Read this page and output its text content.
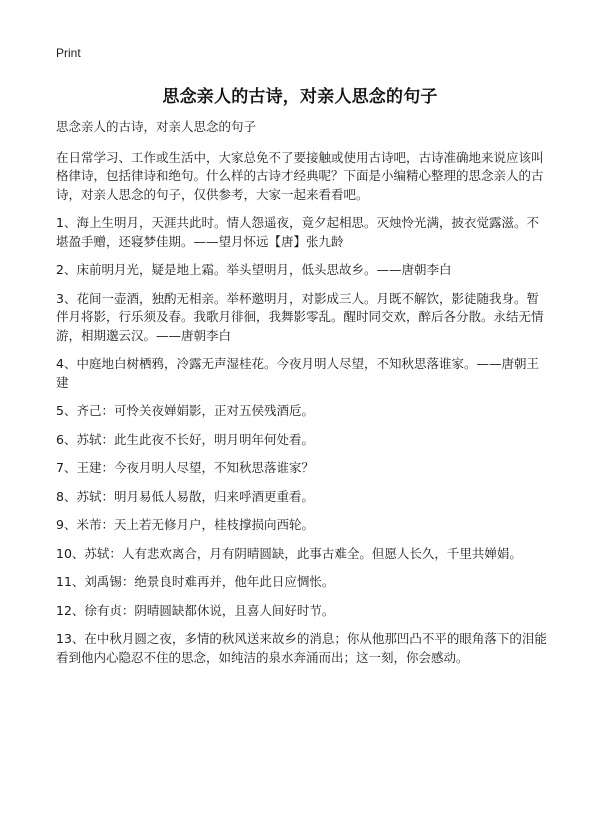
Print

思念亲人的古诗，对亲人思念的句子

思念亲人的古诗，对亲人思念的句子

在日常学习、工作或生活中，大家总免不了要接触或使用古诗吧，古诗准确地来说应该叫格律诗，包括律诗和绝句。什么样的古诗才经典呢？下面是小编精心整理的思念亲人的古诗，对亲人思念的句子，仅供参考，大家一起来看看吧。

1、海上生明月，天涯共此时。情人怨遥夜，竟夕起相思。灭烛怜光满，披衣觉露滋。不堪盈手赠，还寝梦佳期。——望月怀远【唐】张九龄

2、床前明月光，疑是地上霜。举头望明月，低头思故乡。——唐朝李白

3、花间一壶酒，独酌无相亲。举杯邀明月，对影成三人。月既不解饮，影徒随我身。暂伴月将影，行乐须及春。我歌月徘徊，我舞影零乱。醒时同交欢，醉后各分散。永结无情游，相期邈云汉。——唐朝李白

4、中庭地白树栖鸦，冷露无声湿桂花。今夜月明人尽望，不知秋思落谁家。——唐朝王建

5、齐己：可怜关夜婵娟影，正对五侯残酒卮。

6、苏轼：此生此夜不长好，明月明年何处看。

7、王建：今夜月明人尽望，不知秋思落谁家？

8、苏轼：明月易低人易散，归来呼酒更重看。

9、米芾：天上若无修月户，桂枝撑损向西轮。

10、苏轼：人有悲欢离合，月有阴晴圆缺，此事古难全。但愿人长久，千里共婵娟。

11、刘禹锡：绝景良时难再并，他年此日应惆怅。

12、徐有贞：阴晴圆缺都休说，且喜人间好时节。

13、在中秋月圆之夜，多情的秋风送来故乡的消息；你从他那凹凸不平的眼角落下的泪能看到他内心隐忍不住的思念，如纯洁的泉水奔涌而出；这一刻，你会感动。
